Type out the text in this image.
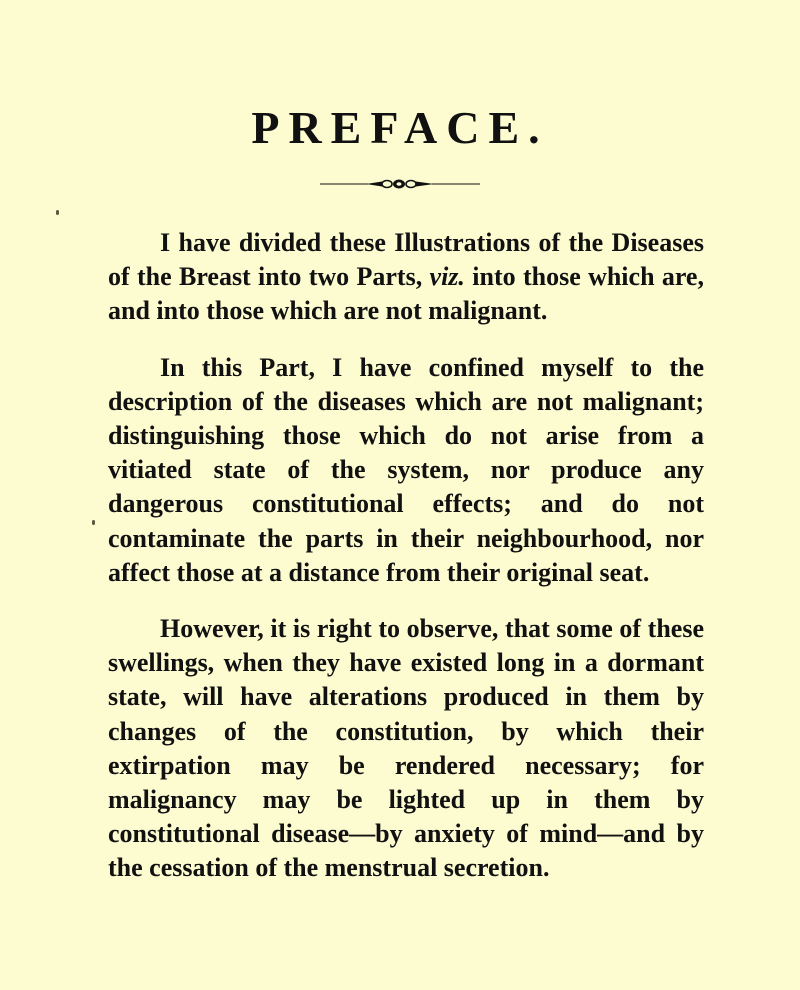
PREFACE.

I have divided these Illustrations of the Diseases of the Breast into two Parts, viz. into those which are, and into those which are not malignant.

In this Part, I have confined myself to the description of the diseases which are not malignant; distinguishing those which do not arise from a vitiated state of the system, nor produce any dangerous constitutional effects; and do not contaminate the parts in their neighbourhood, nor affect those at a distance from their original seat.

However, it is right to observe, that some of these swellings, when they have existed long in a dormant state, will have alterations produced in them by changes of the constitution, by which their extirpation may be rendered necessary; for malignancy may be lighted up in them by constitutional disease—by anxiety of mind—and by the cessation of the menstrual secretion.
